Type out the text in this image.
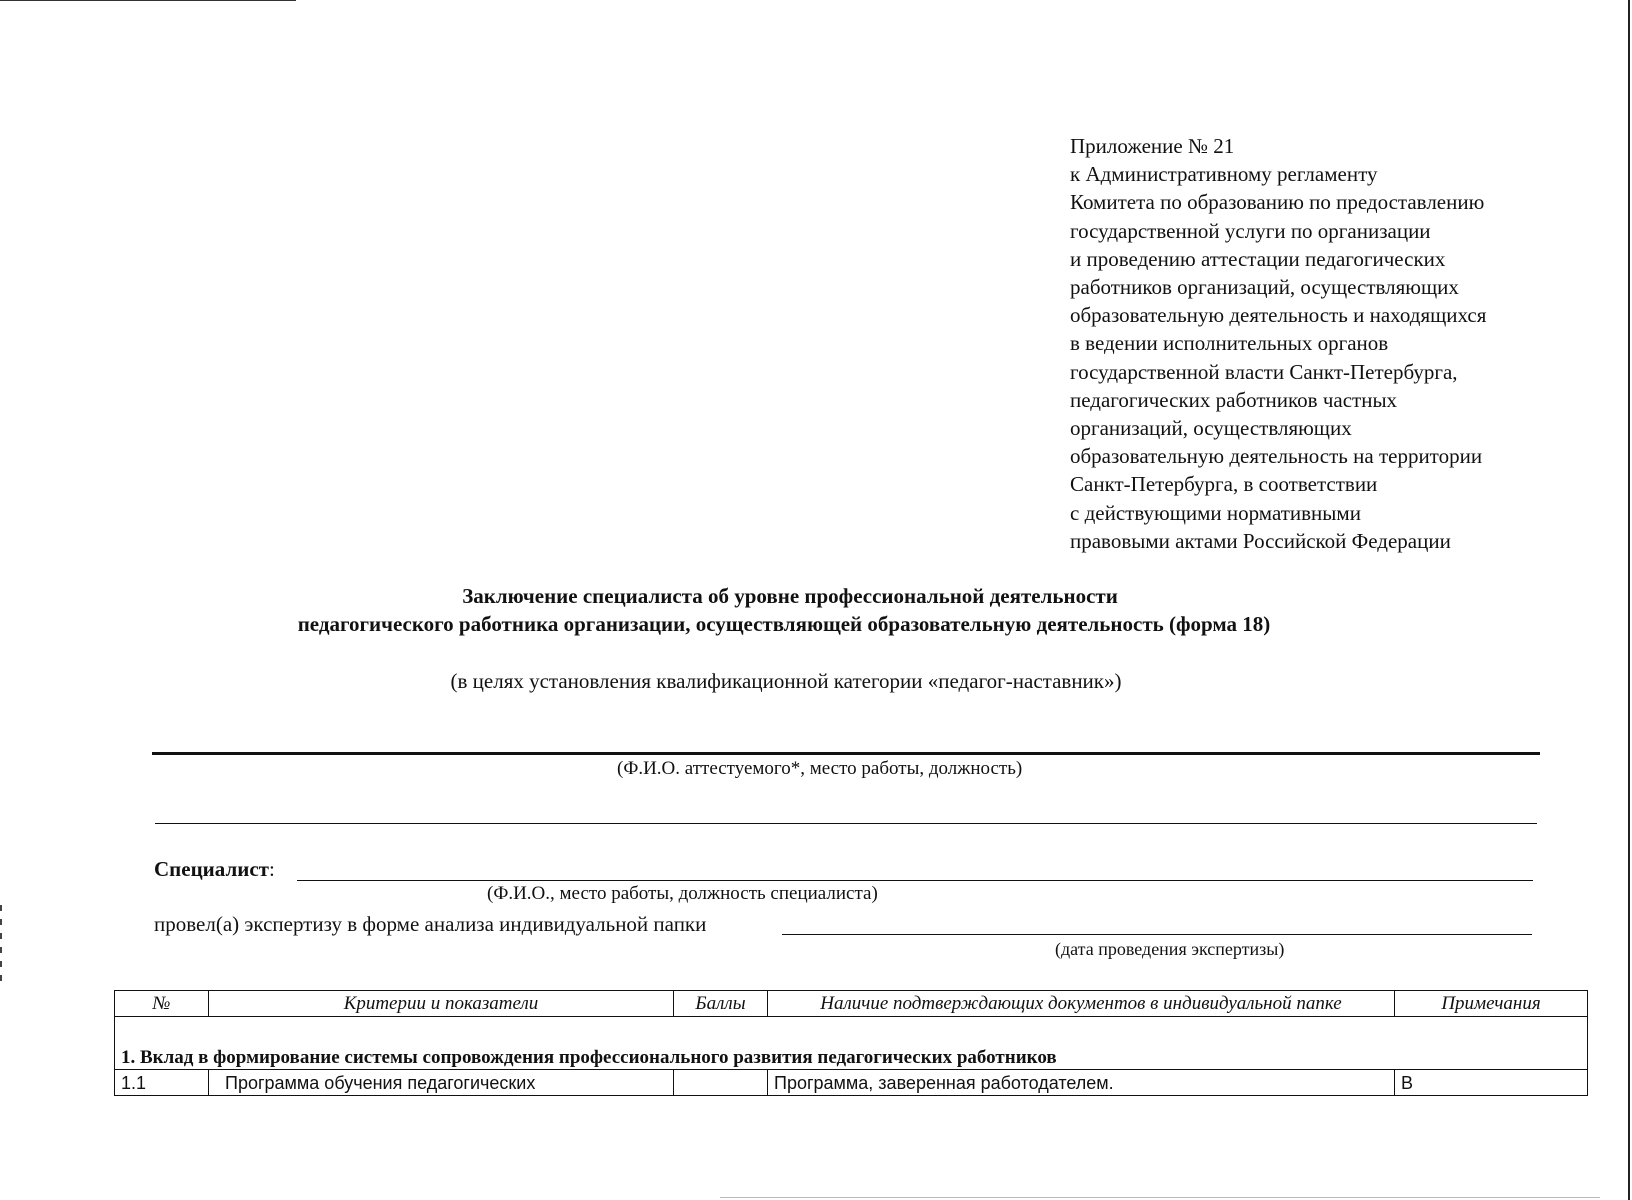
Приложение № 21
к Административному регламенту
Комитета по образованию по предоставлению
государственной услуги по организации
и проведению аттестации педагогических
работников организаций, осуществляющих
образовательную деятельность и находящихся
в ведении исполнительных органов
государственной власти Санкт-Петербурга,
педагогических работников частных
организаций, осуществляющих
образовательную деятельность на территории
Санкт-Петербурга, в соответствии
с действующими нормативными
правовыми актами Российской Федерации
Заключение специалиста об уровне профессиональной деятельности
педагогического работника организации, осуществляющей образовательную деятельность (форма 18)
(в целях установления квалификационной категории «педагог-наставник»)
(Ф.И.О. аттестуемого*, место работы, должность)
Специалист:
(Ф.И.О., место работы, должность специалиста)
провел(а) экспертизу в форме анализа индивидуальной папки
(дата проведения экспертизы)
№	Критерии и показатели	Баллы	Наличие подтверждающих документов в индивидуальной папке	Примечания
1. Вклад в формирование системы сопровождения профессионального развития педагогических работников				
1.1	Программа обучения педагогических		Программа, заверенная работодателем.	В
